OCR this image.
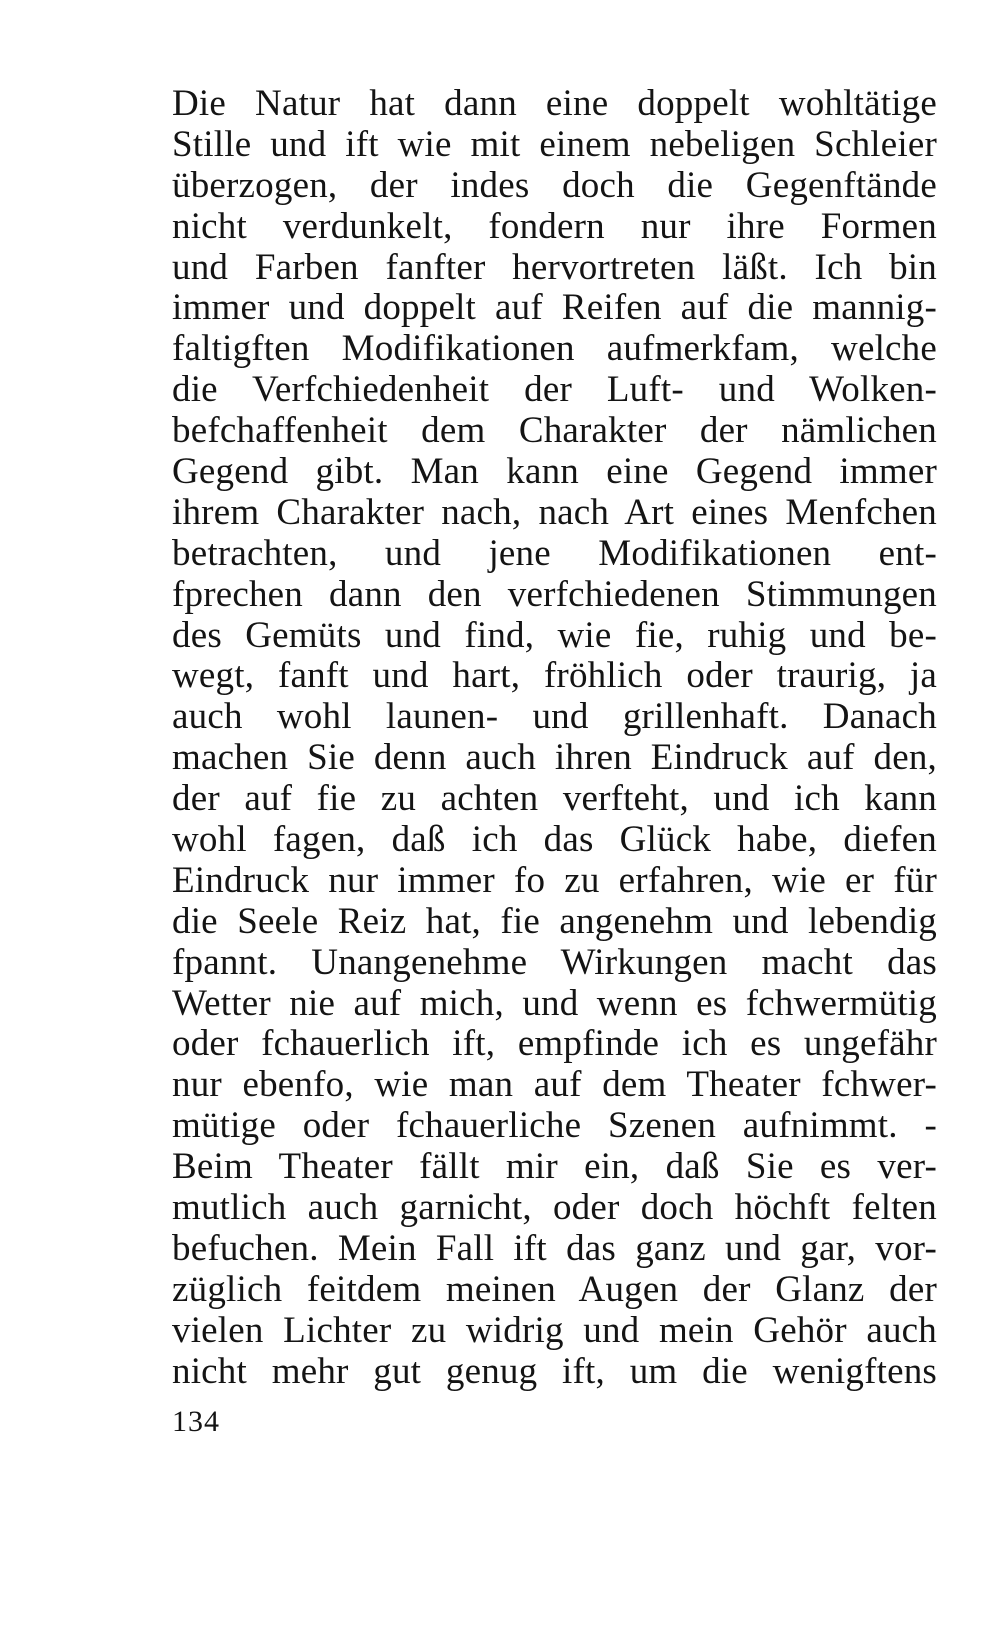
Die Natur hat dann eine doppelt wohltätige
Stille und ift wie mit einem nebeligen Schleier
überzogen, der indes doch die Gegenftände
nicht verdunkelt, fondern nur ihre Formen
und Farben fanfter hervortreten läßt. Ich bin
immer und doppelt auf Reifen auf die mannig-
faltigften Modifikationen aufmerkfam, welche
die Verfchiedenheit der Luft- und Wolken-
befchaffenheit dem Charakter der nämlichen
Gegend gibt. Man kann eine Gegend immer
ihrem Charakter nach, nach Art eines Menfchen
betrachten, und jene Modifikationen ent-
fprechen dann den verfchiedenen Stimmungen
des Gemüts und find, wie fie, ruhig und be-
wegt, fanft und hart, fröhlich oder traurig, ja
auch wohl launen- und grillenhaft. Danach
machen Sie denn auch ihren Eindruck auf den,
der auf fie zu achten verfteht, und ich kann
wohl fagen, daß ich das Glück habe, diefen
Eindruck nur immer fo zu erfahren, wie er für
die Seele Reiz hat, fie angenehm und lebendig
fpannt. Unangenehme Wirkungen macht das
Wetter nie auf mich, und wenn es fchwermütig
oder fchauerlich ift, empfinde ich es ungefähr
nur ebenfo, wie man auf dem Theater fchwer-
mütige oder fchauerliche Szenen aufnimmt. -
Beim Theater fällt mir ein, daß Sie es ver-
mutlich auch garnicht, oder doch höchft felten
befuchen. Mein Fall ift das ganz und gar, vor-
züglich feitdem meinen Augen der Glanz der
vielen Lichter zu widrig und mein Gehör auch
nicht mehr gut genug ift, um die wenigftens
134
